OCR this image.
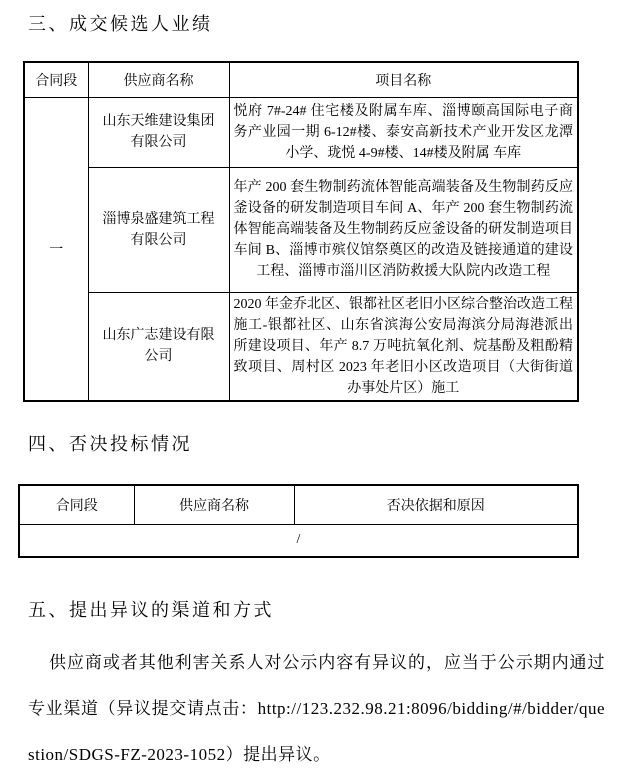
三、成交候选人业绩
合同段	供应商名称	项目名称
一	山东天维建设集团有限公司	悦府 7#-24# 住宅楼及附属车库、淄博颐高国际电子商务产业园一期 6-12#楼、泰安高新技术产业开发区龙潭小学、珑悦 4-9#楼、14#楼及附属 车库
	淄博泉盛建筑工程有限公司	年产 200 套生物制药流体智能高端装备及生物制药反应釜设备的研发制造项目车间 A、年产 200 套生物制药流体智能高端装备及生物制药反应釜设备的研发制造项目车间 B、淄博市殡仪馆祭奠区的改造及链接通道的建设工程、淄博市淄川区消防救援大队院内改造工程
	山东广志建设有限公司	2020 年金乔北区、银都社区老旧小区综合整治改造工程施工-银都社区、山东省滨海公安局海滨分局海港派出所建设项目、年产 8.7 万吨抗氧化剂、烷基酚及粗酚精致项目、周村区 2023 年老旧小区改造项目（大街街道办事处片区）施工
四、否决投标情况
合同段	供应商名称	否决依据和原因
/
五、提出异议的渠道和方式

供应商或者其他利害关系人对公示内容有异议的，应当于公示期内通过专业渠道（异议提交请点击：http://123.232.98.21:8096/bidding/#/bidder/question/SDGS-FZ-2023-1052）提出异议。
